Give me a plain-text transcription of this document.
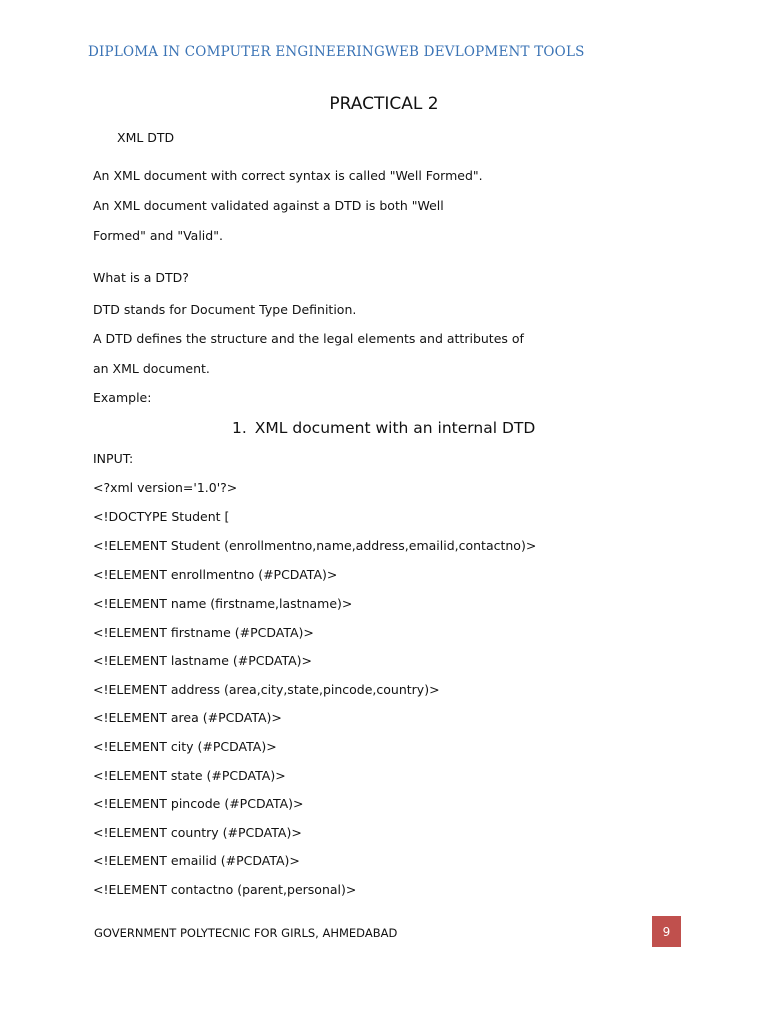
DIPLOMA IN COMPUTER ENGINEERINGWEB DEVLOPMENT TOOLS
PRACTICAL 2
XML DTD
An XML document with correct syntax is called "Well Formed".
An XML document validated against a DTD is both "Well
Formed" and "Valid".
What is a DTD?
DTD stands for Document Type Definition.
A DTD defines the structure and the legal elements and attributes of
an XML document.
Example:
1. XML document with an internal DTD
INPUT:
<?xml version='1.0'?>
<!DOCTYPE Student [
<!ELEMENT Student (enrollmentno,name,address,emailid,contactno)>
<!ELEMENT enrollmentno (#PCDATA)>
<!ELEMENT name (firstname,lastname)>
<!ELEMENT firstname (#PCDATA)>
<!ELEMENT lastname (#PCDATA)>
<!ELEMENT address (area,city,state,pincode,country)>
<!ELEMENT area (#PCDATA)>
<!ELEMENT city (#PCDATA)>
<!ELEMENT state (#PCDATA)>
<!ELEMENT pincode (#PCDATA)>
<!ELEMENT country (#PCDATA)>
<!ELEMENT emailid (#PCDATA)>
<!ELEMENT contactno (parent,personal)>
GOVERNMENT POLYTECNIC FOR GIRLS, AHMEDABAD	9
